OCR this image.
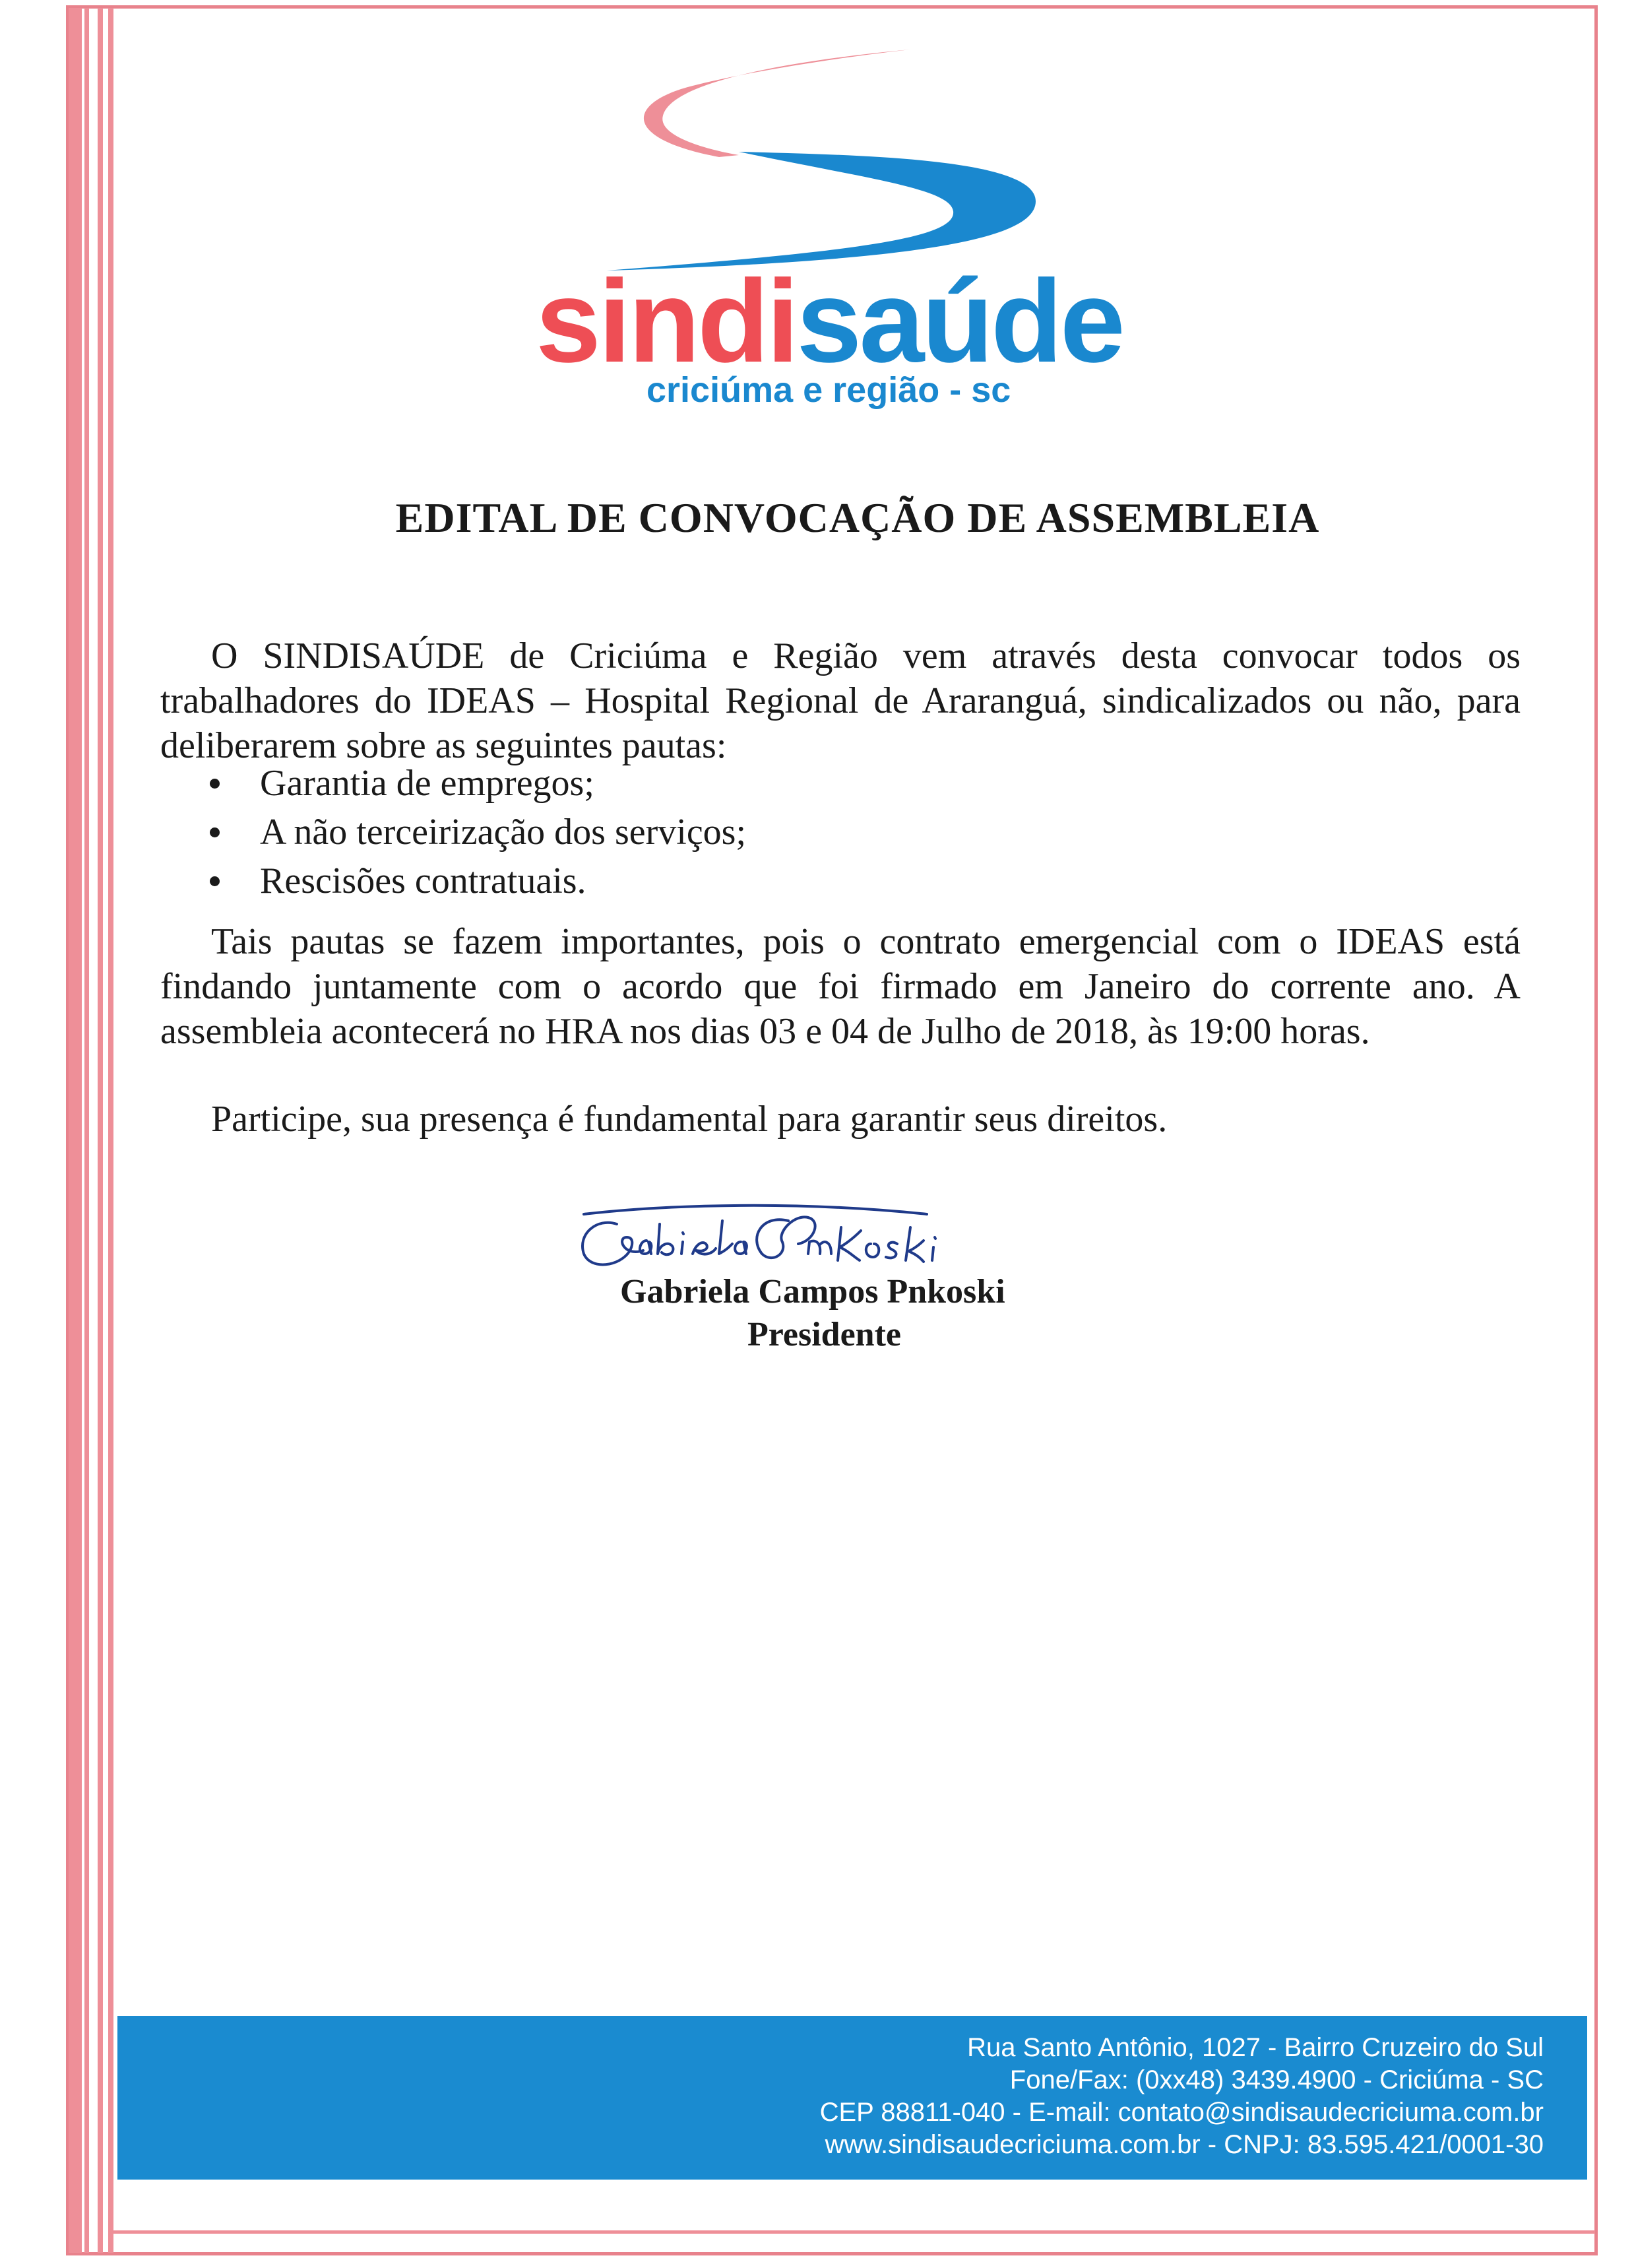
sindisaúde
criciúma e região - sc
EDITAL DE CONVOCAÇÃO DE ASSEMBLEIA
O SINDISAÚDE de Criciúma e Região vem através desta convocar todos os trabalhadores do IDEAS – Hospital Regional de Araranguá, sindicalizados ou não, para deliberarem sobre as seguintes pautas:
Garantia de empregos;
A não terceirização dos serviços;
Rescisões contratuais.
Tais pautas se fazem importantes, pois o contrato emergencial com o IDEAS está findando juntamente com o acordo que foi firmado em Janeiro do corrente ano. A assembleia acontecerá no HRA nos dias 03 e 04 de Julho de 2018, às 19:00 horas.
Participe, sua presença é fundamental para garantir seus direitos.
Gabriela Campos Pnkoski
Presidente
Rua Santo Antônio, 1027 - Bairro Cruzeiro do Sul
Fone/Fax: (0xx48) 3439.4900 - Criciúma - SC
CEP 88811-040 - E-mail: contato@sindisaudecriciuma.com.br
www.sindisaudecriciuma.com.br - CNPJ: 83.595.421/0001-30
